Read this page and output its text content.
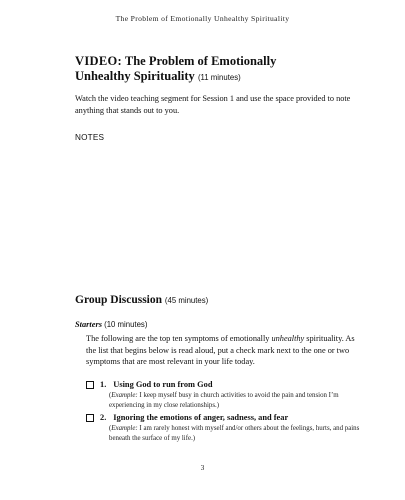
The Problem of Emotionally Unhealthy Spirituality
VIDEO: The Problem of Emotionally
Unhealthy Spirituality (11 minutes)
Watch the video teaching segment for Session 1 and use the space provided to note anything that stands out to you.
NOTES
Group Discussion (45 minutes)
Starters (10 minutes)
The following are the top ten symptoms of emotionally unhealthy spirituality. As the list that begins below is read aloud, put a check mark next to the one or two symptoms that are most relevant in your life today.
1. Using God to run from God
(Example: I keep myself busy in church activities to avoid the pain and tension I’m experiencing in my close relationships.)
2. Ignoring the emotions of anger, sadness, and fear
(Example: I am rarely honest with myself and/or others about the feelings, hurts, and pains beneath the surface of my life.)
3
